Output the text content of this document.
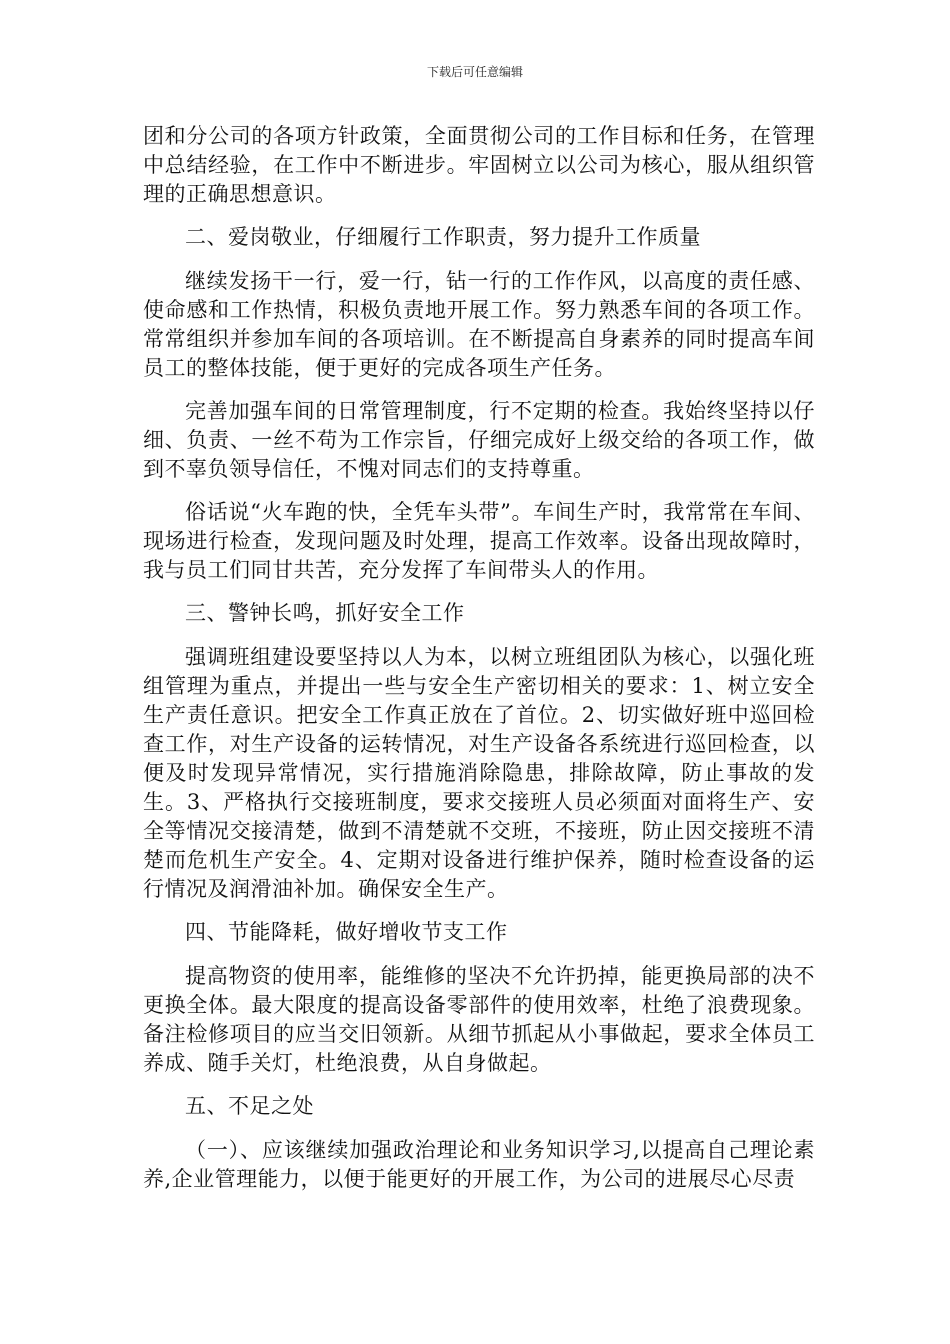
下载后可任意编辑

团和分公司的各项方针政策，全面贯彻公司的工作目标和任务，在管理中总结经验，在工作中不断进步。牢固树立以公司为核心，服从组织管理的正确思想意识。

二、爱岗敬业，仔细履行工作职责，努力提升工作质量

继续发扬干一行，爱一行，钻一行的工作作风，以高度的责任感、使命感和工作热情，积极负责地开展工作。努力熟悉车间的各项工作。常常组织并参加车间的各项培训。在不断提高自身素养的同时提高车间员工的整体技能，便于更好的完成各项生产任务。

完善加强车间的日常管理制度，行不定期的检查。我始终坚持以仔细、负责、一丝不苟为工作宗旨，仔细完成好上级交给的各项工作，做到不辜负领导信任，不愧对同志们的支持尊重。

俗话说“火车跑的快，全凭车头带”。车间生产时，我常常在车间、现场进行检查，发现问题及时处理，提高工作效率。设备出现故障时，我与员工们同甘共苦，充分发挥了车间带头人的作用。

三、警钟长鸣，抓好安全工作

强调班组建设要坚持以人为本，以树立班组团队为核心，以强化班组管理为重点，并提出一些与安全生产密切相关的要求：1、树立安全生产责任意识。把安全工作真正放在了首位。2、切实做好班中巡回检查工作，对生产设备的运转情况，对生产设备各系统进行巡回检查，以便及时发现异常情况，实行措施消除隐患，排除故障，防止事故的发生。3、严格执行交接班制度，要求交接班人员必须面对面将生产、安全等情况交接清楚，做到不清楚就不交班，不接班，防止因交接班不清楚而危机生产安全。4、定期对设备进行维护保养，随时检查设备的运行情况及润滑油补加。确保安全生产。

四、节能降耗，做好增收节支工作

提高物资的使用率，能维修的坚决不允许扔掉，能更换局部的决不更换全体。最大限度的提高设备零部件的使用效率，杜绝了浪费现象。备注检修项目的应当交旧领新。从细节抓起从小事做起，要求全体员工养成、随手关灯，杜绝浪费，从自身做起。

五、不足之处

（一）、应该继续加强政治理论和业务知识学习,以提高自己理论素养,企业管理能力，以便于能更好的开展工作，为公司的进展尽心尽责
